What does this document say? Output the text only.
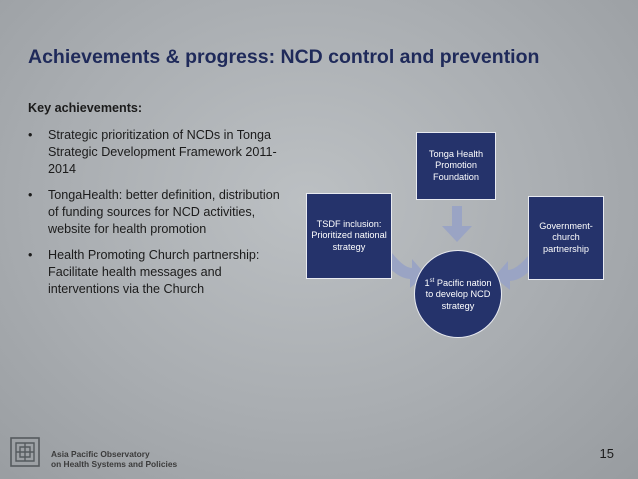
Achievements & progress: NCD control and prevention
Key achievements:
• Strategic prioritization of NCDs in Tonga Strategic Development Framework 2011-2014
• TongaHealth: better definition, distribution of funding sources for NCD activities, website for health promotion
• Health Promoting Church partnership: Facilitate health messages and interventions via the Church
Tonga Health Promotion Foundation
TSDF inclusion: Prioritized national strategy
Government-church partnership
1st Pacific nation to develop NCD strategy
Asia Pacific Observatory
on Health Systems and Policies
15
